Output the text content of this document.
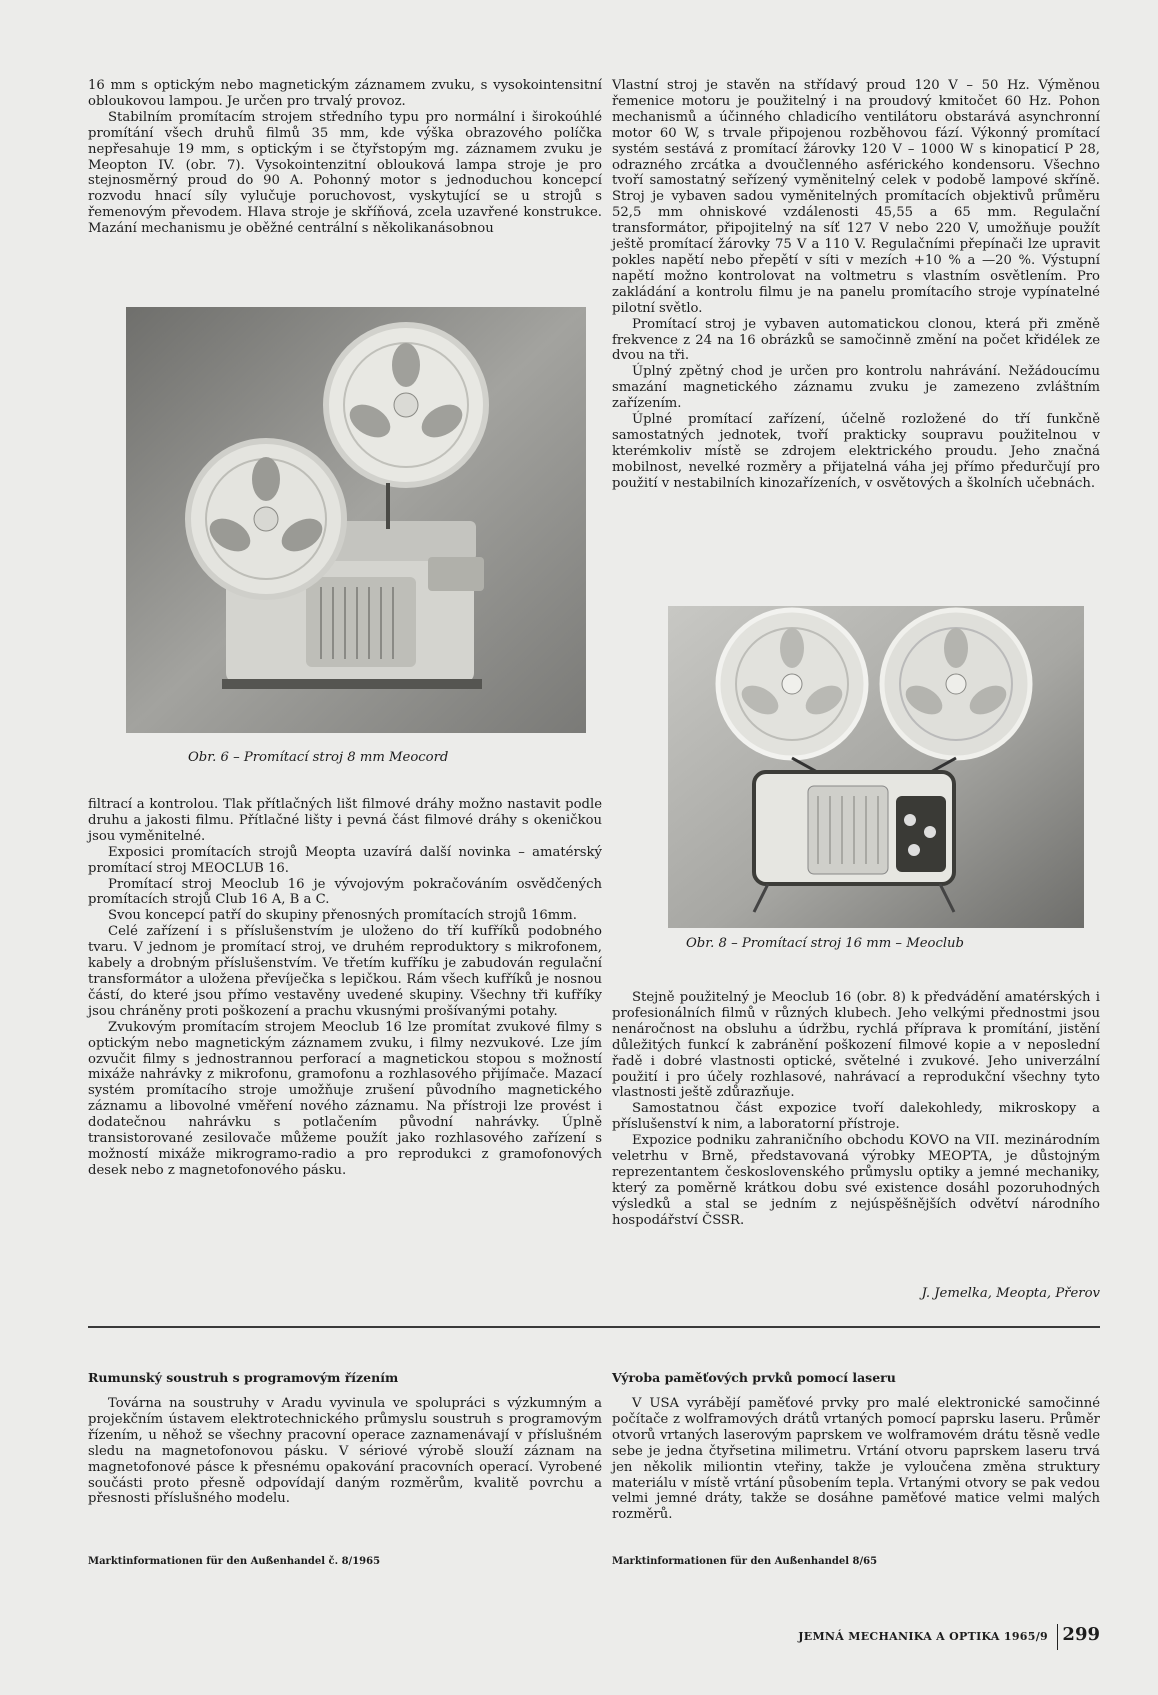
16 mm s optickým nebo magnetickým záznamem zvuku, s vysokointensitní obloukovou lampou. Je určen pro trvalý provoz.

Stabilním promítacím strojem středního typu pro normální i širokoúhlé promítání všech druhů filmů 35 mm, kde výška obrazového políčka nepřesahuje 19 mm, s optickým i se čtyřstopým mg. záznamem zvuku je Meopton IV. (obr. 7). Vysokointenzitní oblouková lampa stroje je pro stejnosměrný proud do 90 A. Pohonný motor s jednoduchou koncepcí rozvodu hnací síly vylučuje poruchovost, vyskytující se u strojů s řemenovým převodem. Hlava stroje je skříňová, zcela uzavřené konstrukce. Mazání mechanismu je oběžné centrální s několikanásobnou

Vlastní stroj je stavěn na střídavý proud 120 V – 50 Hz. Výměnou řemenice motoru je použitelný i na proudový kmitočet 60 Hz. Pohon mechanismů a účinného chladicího ventilátoru obstarává asynchronní motor 60 W, s trvale připojenou rozběhovou fází. Výkonný promítací systém sestává z promítací žárovky 120 V – 1000 W s kinopaticí P 28, odrazného zrcátka a dvoučlenného asférického kondensoru. Všechno tvoří samostatný seřízený vyměnitelný celek v podobě lampové skříně. Stroj je vybaven sadou vyměnitelných promítacích objektivů průměru 52,5 mm ohniskové vzdálenosti 45,55 a 65 mm. Regulační transformátor, připojitelný na síť 127 V nebo 220 V, umožňuje použít ještě promítací žárovky 75 V a 110 V. Regulačními přepínači lze upravit pokles napětí nebo přepětí v síti v mezích +10 % a —20 %. Výstupní napětí možno kontrolovat na voltmetru s vlastním osvětlením. Pro zakládání a kontrolu filmu je na panelu promítacího stroje vypínatelné pilotní světlo.

Promítací stroj je vybaven automatickou clonou, která při změně frekvence z 24 na 16 obrázků se samočinně změní na počet křidélek ze dvou na tři.

Úplný zpětný chod je určen pro kontrolu nahrávání. Nežádoucímu smazání magnetického záznamu zvuku je zamezeno zvláštním zařízením.

Úplné promítací zařízení, účelně rozložené do tří funkčně samostatných jednotek, tvoří prakticky soupravu použitelnou v kterémkoliv místě se zdrojem elektrického proudu. Jeho značná mobilnost, nevelké rozměry a přijatelná váha jej přímo předurčují pro použití v nestabilních kinozařízeních, v osvětových a školních učebnách.

Obr. 6 – Promítací stroj 8 mm Meocord
Obr. 8 – Promítací stroj 16 mm – Meoclub

filtrací a kontrolou. Tlak přítlačných lišt filmové dráhy možno nastavit podle druhu a jakosti filmu. Přítlačné lišty i pevná část filmové dráhy s okeničkou jsou vyměnitelné.

Exposici promítacích strojů Meopta uzavírá další novinka – amatérský promítací stroj MEOCLUB 16.

Promítací stroj Meoclub 16 je vývojovým pokračováním osvědčených promítacích strojů Club 16 A, B a C.

Svou koncepcí patří do skupiny přenosných promítacích strojů 16mm.

Celé zařízení i s příslušenstvím je uloženo do tří kufříků podobného tvaru. V jednom je promítací stroj, ve druhém reproduktory s mikrofonem, kabely a drobným příslušenstvím. Ve třetím kufříku je zabudován regulační transformátor a uložena převíječka s lepičkou. Rám všech kufříků je nosnou částí, do které jsou přímo vestavěny uvedené skupiny. Všechny tři kufříky jsou chráněny proti poškození a prachu vkusnými prošívanými potahy.

Zvukovým promítacím strojem Meoclub 16 lze promítat zvukové filmy s optickým nebo magnetickým záznamem zvuku, i filmy nezvukové. Lze jím ozvučit filmy s jednostrannou perforací a magnetickou stopou s možností mixáže nahrávky z mikrofonu, gramofonu a rozhlasového přijímače. Mazací systém promítacího stroje umožňuje zrušení původního magnetického záznamu a libovolné vměření nového záznamu. Na přístroji lze provést i dodatečnou nahrávku s potlačením původní nahrávky. Úplně transistorované zesilovače můžeme použít jako rozhlasového zařízení s možností mixáže mikrogramo-radio a pro reprodukci z gramofonových desek nebo z magnetofonového pásku.

Stejně použitelný je Meoclub 16 (obr. 8) k předvádění amatérských i profesionálních filmů v různých klubech. Jeho velkými přednostmi jsou nenáročnost na obsluhu a údržbu, rychlá příprava k promítání, jistění důležitých funkcí k zabránění poškození filmové kopie a v neposlední řadě i dobré vlastnosti optické, světelné i zvukové. Jeho univerzální použití i pro účely rozhlasové, nahrávací a reprodukční všechny tyto vlastnosti ještě zdůrazňuje.

Samostatnou část expozice tvoří dalekohledy, mikroskopy a příslušenství k nim, a laboratorní přístroje.

Expozice podniku zahraničního obchodu KOVO na VII. mezinárodním veletrhu v Brně, představovaná výrobky MEOPTA, je důstojným reprezentantem československého průmyslu optiky a jemné mechaniky, který za poměrně krátkou dobu své existence dosáhl pozoruhodných výsledků a stal se jedním z nejúspěšnějších odvětví národního hospodářství ČSSR.

J. Jemelka, Meopta, Přerov
Rumunský soustruh s programovým řízením

Továrna na soustruhy v Aradu vyvinula ve spolupráci s výzkumným a projekčním ústavem elektrotechnického průmyslu soustruh s programovým řízením, u něhož se všechny pracovní operace zaznamenávají v příslušném sledu na magnetofonovou pásku. V sériové výrobě slouží záznam na magnetofonové pásce k přesnému opakování pracovních operací. Vyrobené součásti proto přesně odpovídají daným rozměrům, kvalitě povrchu a přesnosti příslušného modelu.

Marktinformationen für den Außenhandel č. 8/1965
Výroba paměťových prvků pomocí laseru

V USA vyrábějí paměťové prvky pro malé elektronické samočinné počítače z wolframových drátů vrtaných pomocí paprsku laseru. Průměr otvorů vrtaných laserovým paprskem ve wolframovém drátu těsně vedle sebe je jedna čtyřsetina milimetru. Vrtání otvoru paprskem laseru trvá jen několik miliontin vteřiny, takže je vyloučena změna struktury materiálu v místě vrtání působením tepla. Vrtanými otvory se pak vedou velmi jemné dráty, takže se dosáhne paměťové matice velmi malých rozměrů.

Marktinformationen für den Außenhandel 8/65
JEMNÁ MECHANIKA A OPTIKA 1965/9 299
